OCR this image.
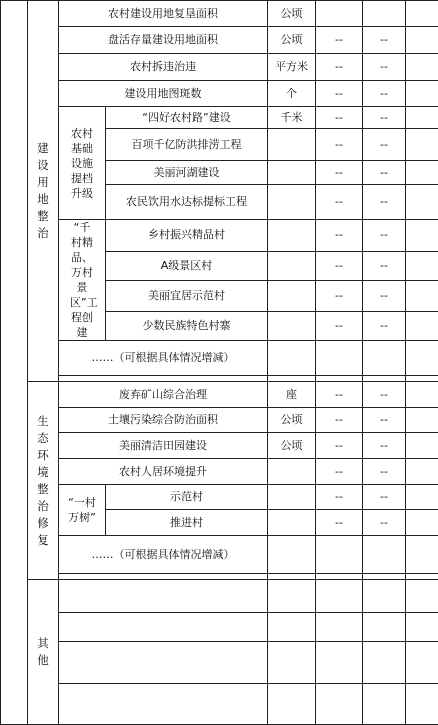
	建设用地整治	农村建设用地复垦面积		公顷			
		盘活存量建设用地面积		公顷	--	--	
		农村拆违治违		平方米	--	--	
		建设用地图斑数		个	--	--	

		农村基础设施提档升级	“四好农村路”建设	千米	--	--	
			百项千亿防洪排涝工程		--	--	
			美丽河湖建设		--	--	
			农民饮用水达标提标工程		--	--	

		“千村精品、万村景区”工程创建	乡村振兴精品村		--	--	
			A级景区村		--	--	
			美丽宜居示范村		--	--	
			少数民族特色村寨		--	--	
		……（可根据具体情况增减）					

	生态环境整治修复	废弃矿山综合治理		座	--	--	
		土壤污染综合防治面积		公顷	--	--	
		美丽清洁田园建设		公顷	--	--	
		农村人居环境提升			--	--	

		“一村万树”	示范村		--	--	
			推进村		--	--	
		……（可根据具体情况增减）					

	其他						
